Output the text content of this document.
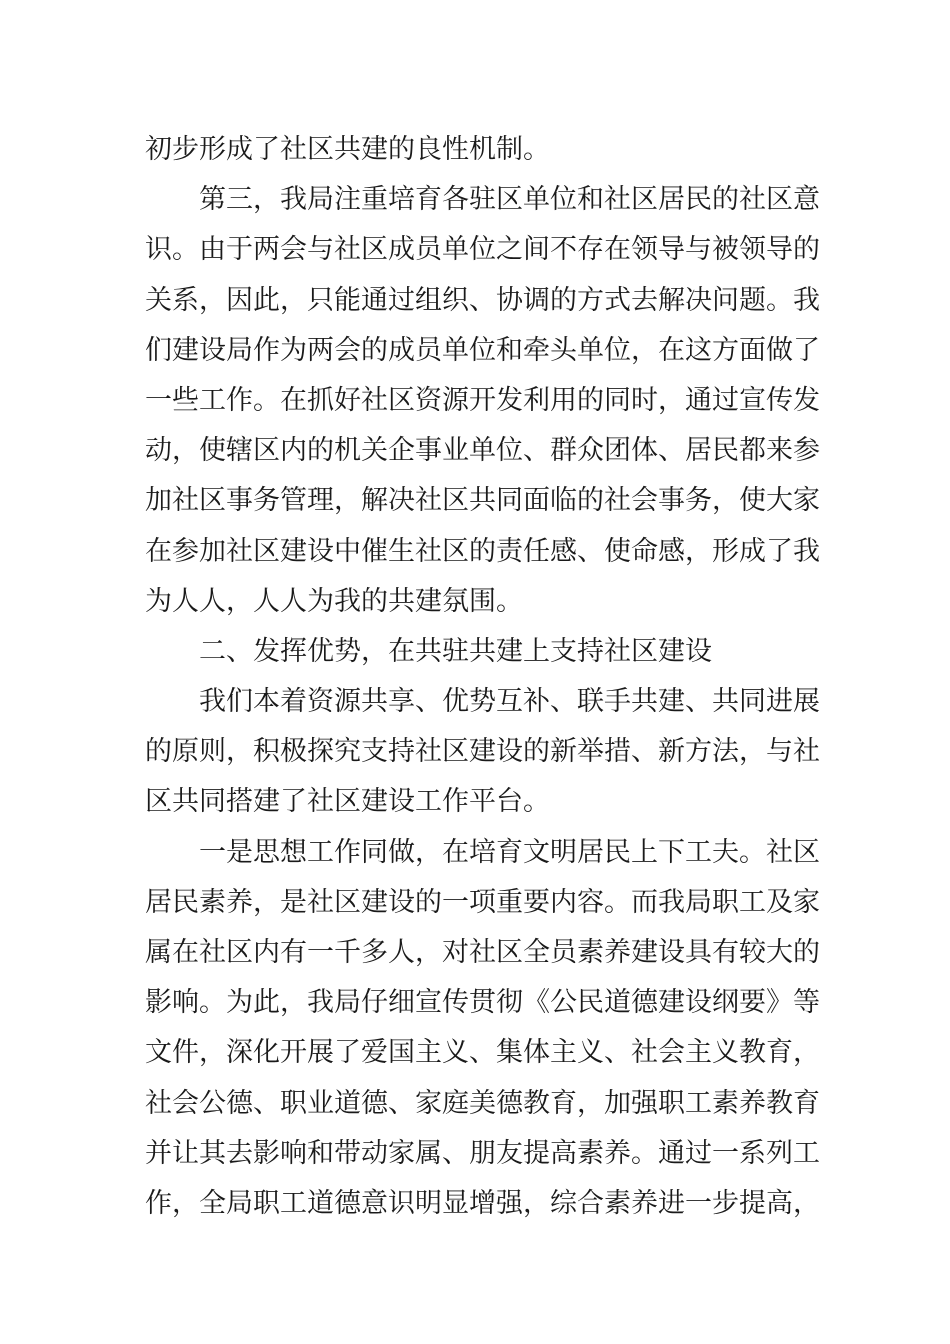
初步形成了社区共建的良性机制。
第三，我局注重培育各驻区单位和社区居民的社区意
识。由于两会与社区成员单位之间不存在领导与被领导的
关系，因此，只能通过组织、协调的方式去解决问题。我
们建设局作为两会的成员单位和牵头单位，在这方面做了
一些工作。在抓好社区资源开发利用的同时，通过宣传发
动，使辖区内的机关企事业单位、群众团体、居民都来参
加社区事务管理，解决社区共同面临的社会事务，使大家
在参加社区建设中催生社区的责任感、使命感，形成了我
为人人，人人为我的共建氛围。
二、发挥优势，在共驻共建上支持社区建设
我们本着资源共享、优势互补、联手共建、共同进展
的原则，积极探究支持社区建设的新举措、新方法，与社
区共同搭建了社区建设工作平台。
一是思想工作同做，在培育文明居民上下工夫。社区
居民素养，是社区建设的一项重要内容。而我局职工及家
属在社区内有一千多人，对社区全员素养建设具有较大的
影响。为此，我局仔细宣传贯彻《公民道德建设纲要》等
文件，深化开展了爱国主义、集体主义、社会主义教育，
社会公德、职业道德、家庭美德教育，加强职工素养教育
并让其去影响和带动家属、朋友提高素养。通过一系列工
作，全局职工道德意识明显增强，综合素养进一步提高，
